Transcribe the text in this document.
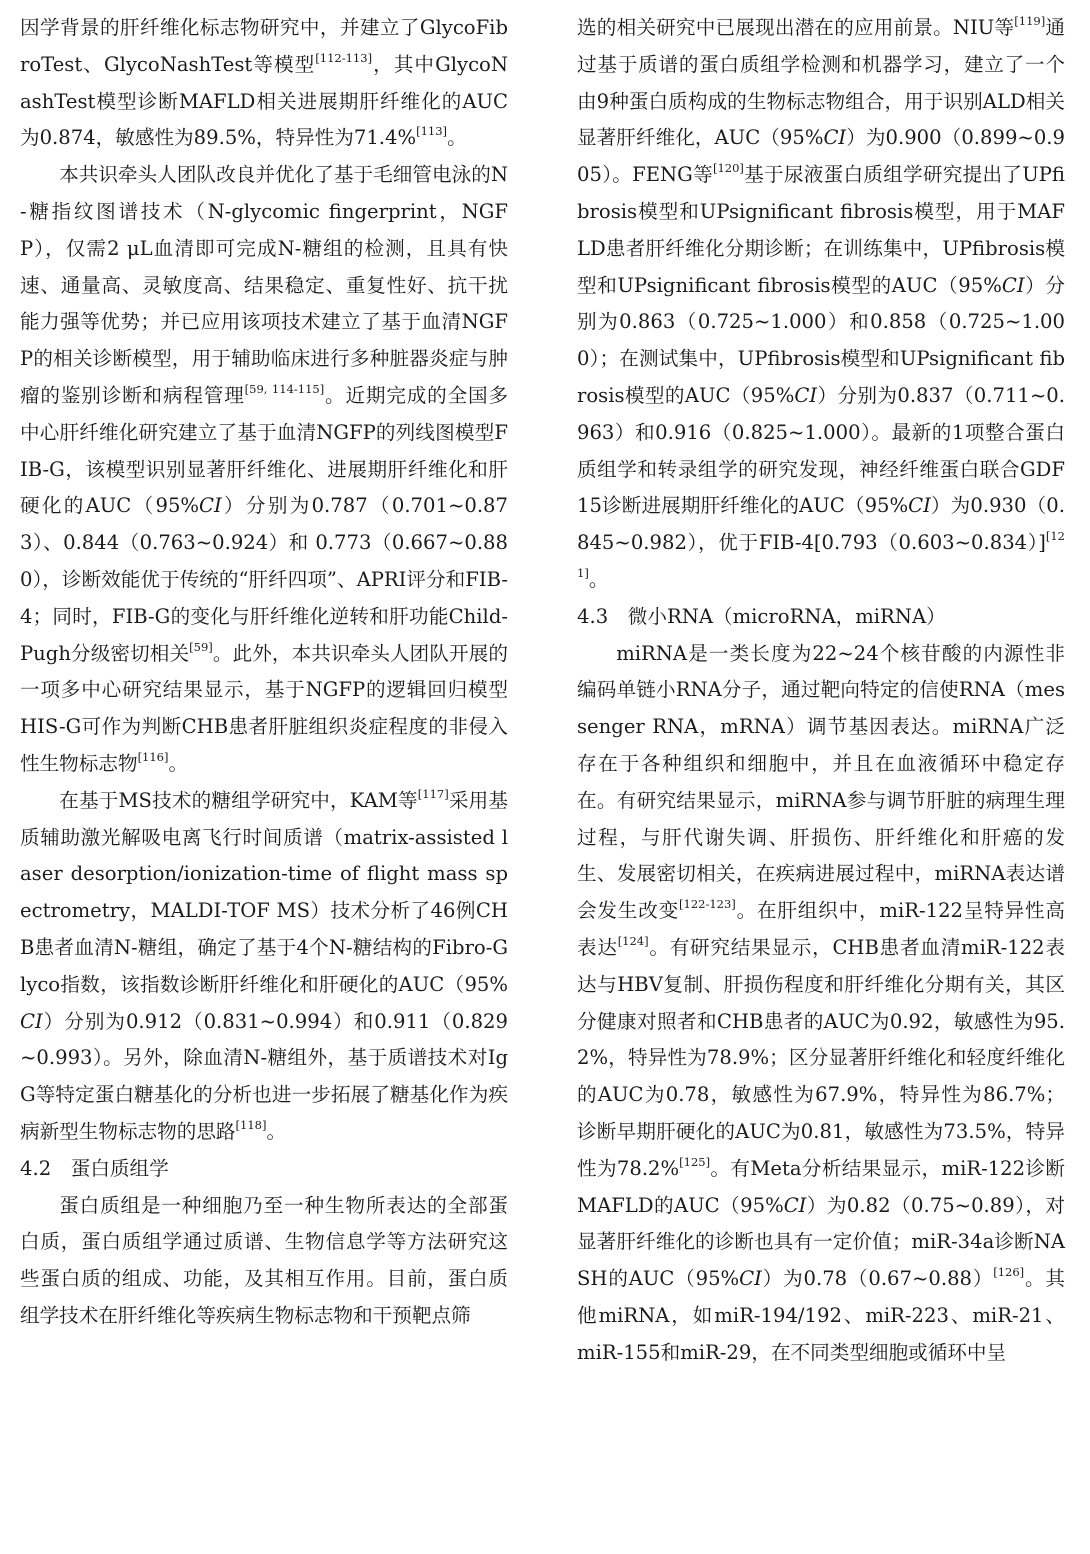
因学背景的肝纤维化标志物研究中，并建立了GlycoFibroTest、GlycoNashTest等模型[112-113]，其中GlycoNashTest模型诊断MAFLD相关进展期肝纤维化的AUC为0.874，敏感性为89.5%，特异性为71.4%[113]。

本共识牵头人团队改良并优化了基于毛细管电泳的N-糖指纹图谱技术（N-glycomic fingerprint，NGFP），仅需2 μL血清即可完成N-糖组的检测，且具有快速、通量高、灵敏度高、结果稳定、重复性好、抗干扰能力强等优势；并已应用该项技术建立了基于血清NGFP的相关诊断模型，用于辅助临床进行多种脏器炎症与肿瘤的鉴别诊断和病程管理[59, 114-115]。近期完成的全国多中心肝纤维化研究建立了基于血清NGFP的列线图模型FIB-G，该模型识别显著肝纤维化、进展期肝纤维化和肝硬化的AUC（95%CI）分别为0.787（0.701~0.873）、0.844（0.763~0.924）和 0.773（0.667~0.880），诊断效能优于传统的“肝纤四项”、APRI评分和FIB-4；同时，FIB-G的变化与肝纤维化逆转和肝功能Child-Pugh分级密切相关[59]。此外，本共识牵头人团队开展的一项多中心研究结果显示，基于NGFP的逻辑回归模型HIS-G可作为判断CHB患者肝脏组织炎症程度的非侵入性生物标志物[116]。

在基于MS技术的糖组学研究中，KAM等[117]采用基质辅助激光解吸电离飞行时间质谱（matrix-assisted laser desorption/ionization-time of flight mass spectrometry，MALDI-TOF MS）技术分析了46例CHB患者血清N-糖组，确定了基于4个N-糖结构的Fibro-Glyco指数，该指数诊断肝纤维化和肝硬化的AUC（95%CI）分别为0.912（0.831~0.994）和0.911（0.829~0.993）。另外，除血清N-糖组外，基于质谱技术对IgG等特定蛋白糖基化的分析也进一步拓展了糖基化作为疾病新型生物标志物的思路[118]。

4.2　蛋白质组学

蛋白质组是一种细胞乃至一种生物所表达的全部蛋白质，蛋白质组学通过质谱、生物信息学等方法研究这些蛋白质的组成、功能，及其相互作用。目前，蛋白质组学技术在肝纤维化等疾病生物标志物和干预靶点筛

选的相关研究中已展现出潜在的应用前景。NIU等[119]通过基于质谱的蛋白质组学检测和机器学习，建立了一个由9种蛋白质构成的生物标志物组合，用于识别ALD相关显著肝纤维化，AUC（95%CI）为0.900（0.899~0.905）。FENG等[120]基于尿液蛋白质组学研究提出了UPfibrosis模型和UPsignificant fibrosis模型，用于MAFLD患者肝纤维化分期诊断；在训练集中，UPfibrosis模型和UPsignificant fibrosis模型的AUC（95%CI）分别为0.863（0.725~1.000）和0.858（0.725~1.000）；在测试集中，UPfibrosis模型和UPsignificant fibrosis模型的AUC（95%CI）分别为0.837（0.711~0.963）和0.916（0.825~1.000）。最新的1项整合蛋白质组学和转录组学的研究发现，神经纤维蛋白联合GDF15诊断进展期肝纤维化的AUC（95%CI）为0.930（0.845~0.982），优于FIB-4[0.793（0.603~0.834）][121]。

4.3　微小RNA（microRNA，miRNA）

miRNA是一类长度为22~24个核苷酸的内源性非编码单链小RNA分子，通过靶向特定的信使RNA（messenger RNA，mRNA）调节基因表达。miRNA广泛存在于各种组织和细胞中，并且在血液循环中稳定存在。有研究结果显示，miRNA参与调节肝脏的病理生理过程，与肝代谢失调、肝损伤、肝纤维化和肝癌的发生、发展密切相关，在疾病进展过程中，miRNA表达谱会发生改变[122-123]。在肝组织中，miR-122呈特异性高表达[124]。有研究结果显示，CHB患者血清miR-122表达与HBV复制、肝损伤程度和肝纤维化分期有关，其区分健康对照者和CHB患者的AUC为0.92，敏感性为95.2%，特异性为78.9%；区分显著肝纤维化和轻度纤维化的AUC为0.78，敏感性为67.9%，特异性为86.7%；诊断早期肝硬化的AUC为0.81，敏感性为73.5%，特异性为78.2%[125]。有Meta分析结果显示，miR-122诊断MAFLD的AUC（95%CI）为0.82（0.75~0.89），对显著肝纤维化的诊断也具有一定价值；miR-34a诊断NASH的AUC（95%CI）为0.78（0.67~0.88）[126]。其他miRNA，如miR-194/192、miR-223、miR-21、miR-155和miR-29，在不同类型细胞或循环中呈
